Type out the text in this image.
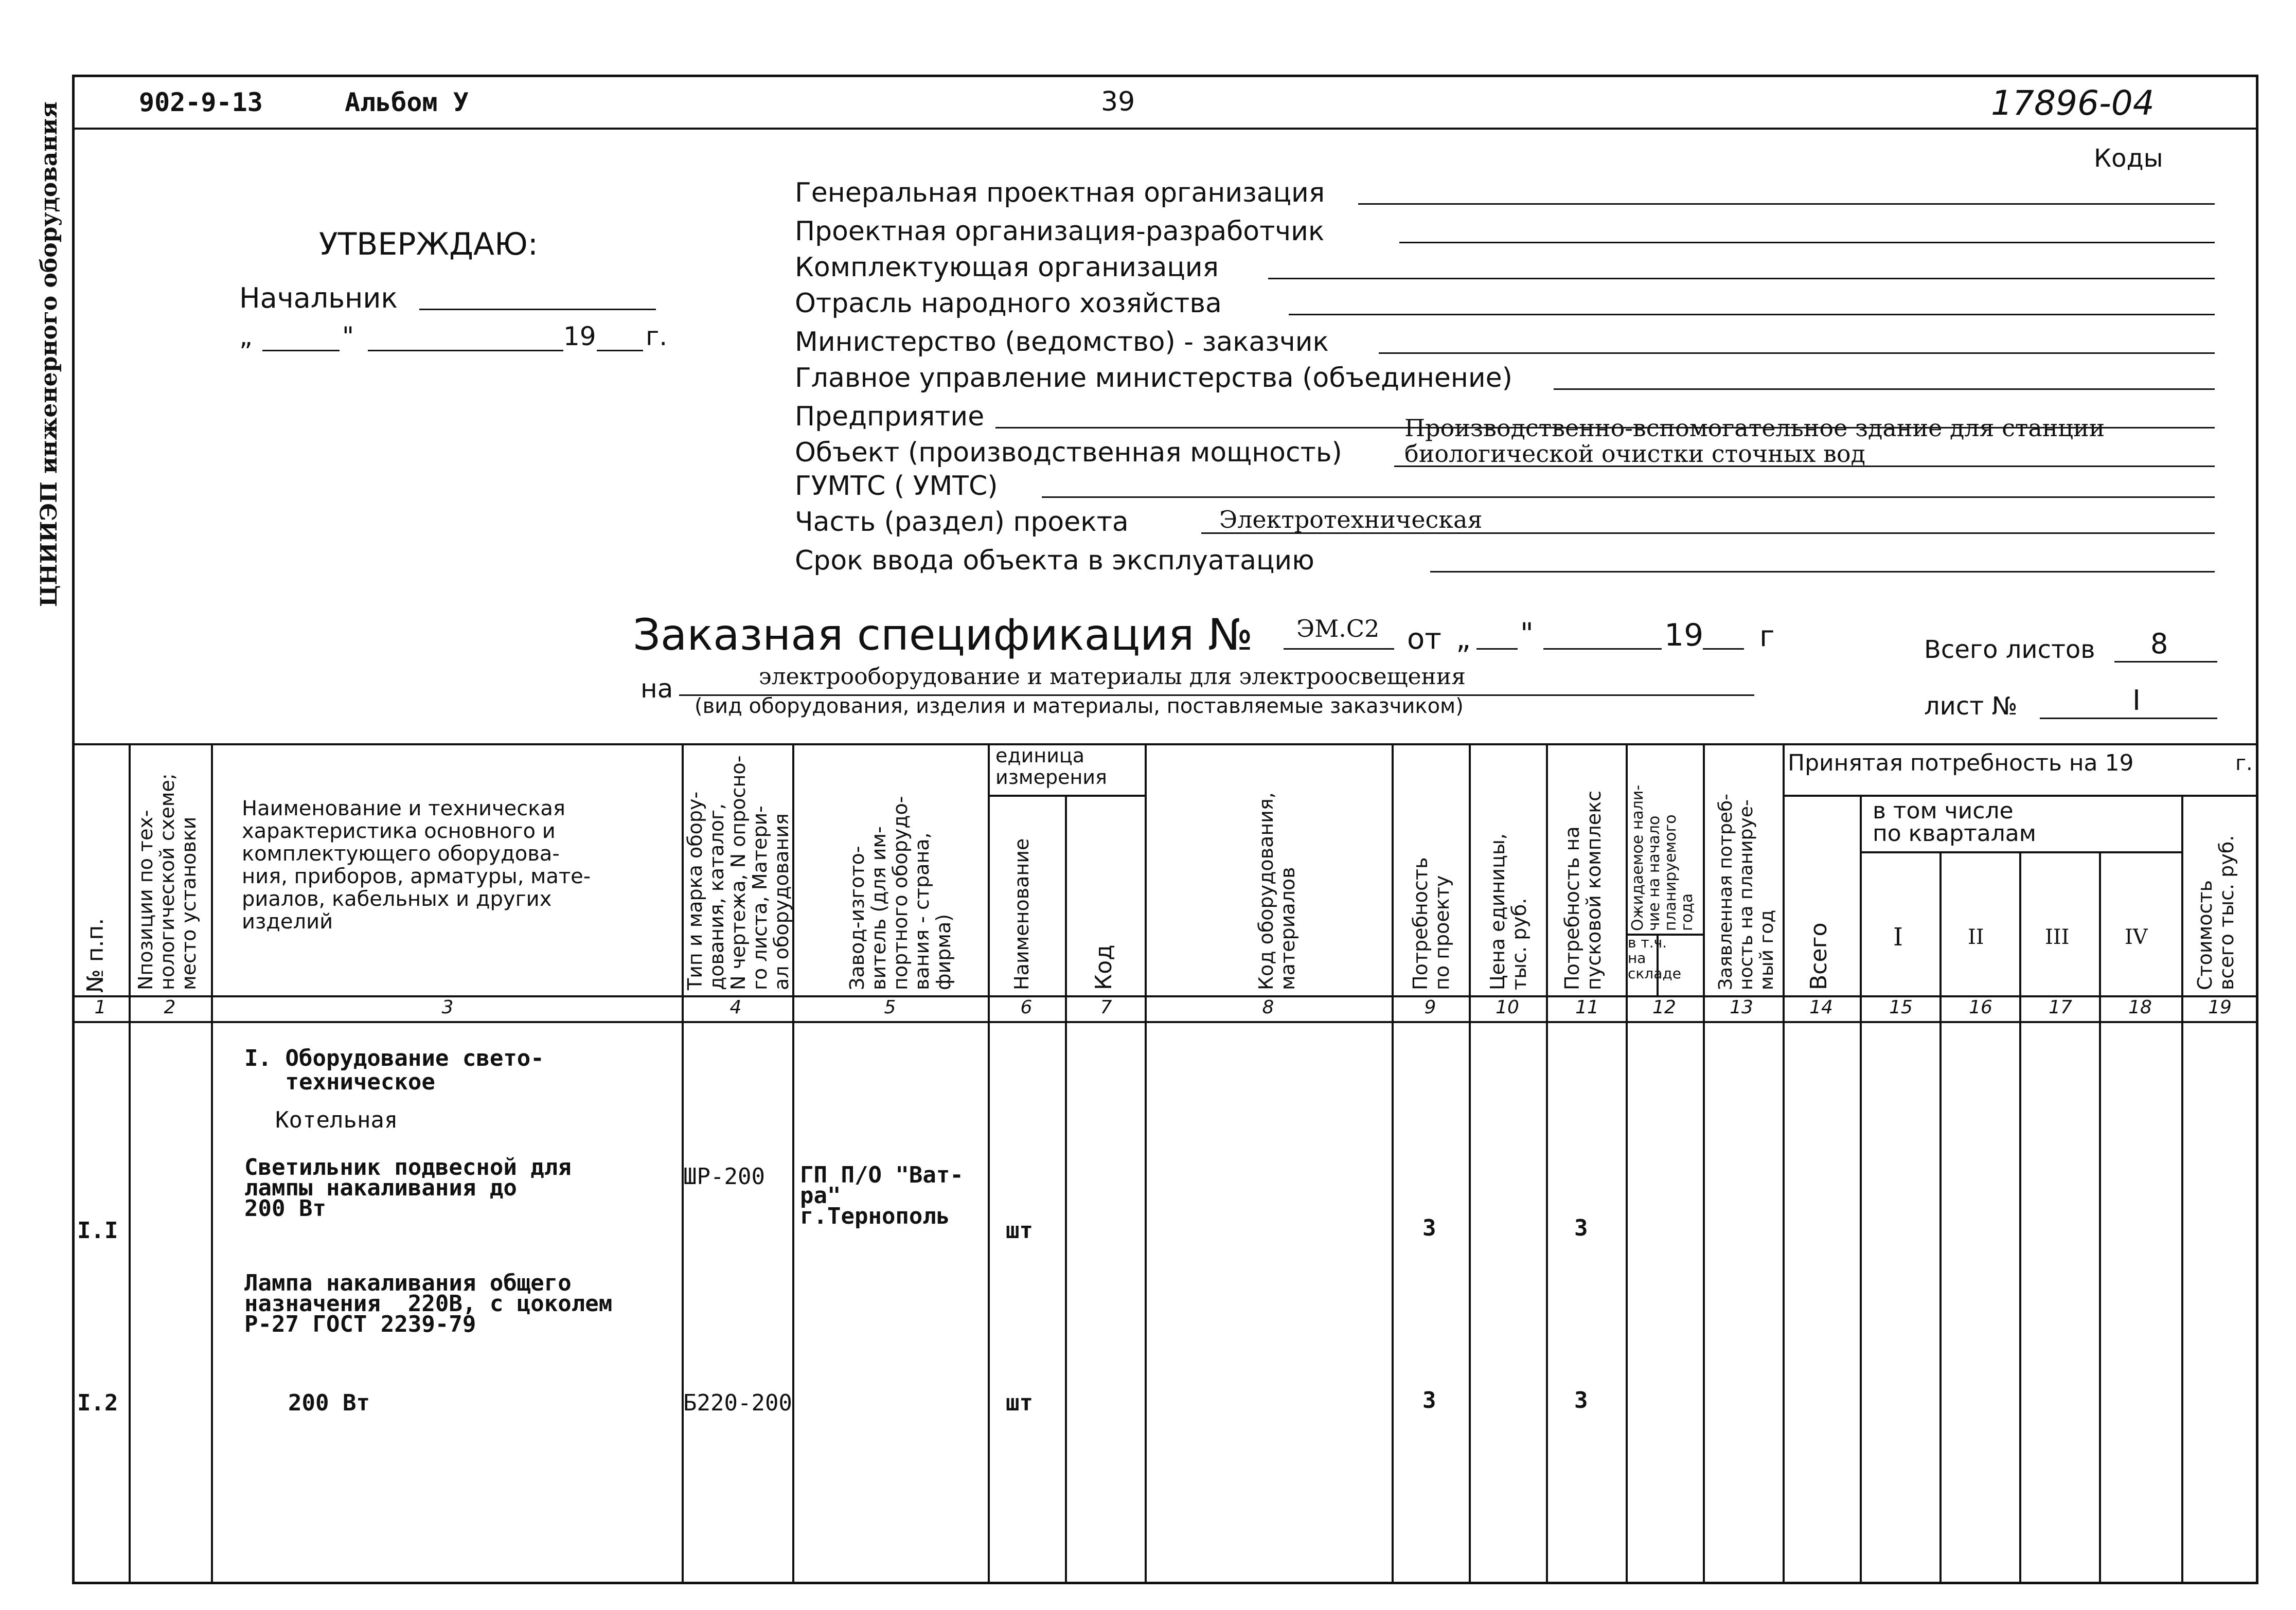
ЦНИИЭП инженерного оборудования	902-9-13	Альбом У	39	17896-04
Коды
УТВЕРЖДАЮ:
Начальник
„	"	19 г.
Генеральная проектная организация
Проектная организация-разработчик
Комплектующая организация
Отрасль народного хозяйства
Министерство (ведомство) - заказчик
Главное управление министерства (объединение)
Предприятие	Производственно-вспомогательное здание для станции
Объект (производственная мощность)	биологической очистки сточных вод
ГУМТС ( УМТС)
Часть (раздел) проекта	Электротехническая
Срок ввода объекта в эксплуатацию
Заказная спецификация № ЭМ.С2 от „ "	19 г	Всего листов 8
на	электрооборудование и материалы для электроосвещения
(вид оборудования, изделия и материалы, поставляемые заказчиком)	лист №	I
№ п.п. Nпозиции по тех-
нологической схеме;
место установки
Наименование и техническая
характеристика основного и
комплектующего оборудова-
ния, приборов, арматуры, мате-
риалов, кабельных и других
изделий
Тип и марка обору-
дования, каталог,
N чертежа, N опросно-
го листа, Матери-
ал оборудования	Завод-изгото-
витель (для им-
портного оборудо-
вания - страна,
фирма)
единица
измерения
Наименование	Код	Код оборудования,
материалов	Потребность
по проекту
Цена единицы,
тыс. руб. Потребность на
пусковой комплекс Ожидаемое нали-
чие на начало
планируемого
года
в т.ч.
на
складе Заявленная потреб-
ность на планируе-
мый год
Принятая потребность на 19	г.
Всего
в том числе
по кварталам
I	II	III	IV Стоимость
всего тыс. руб.
1	2	3	4	5	6	7	8	9	10	11	12	13	14	15	16	17	18	19
I. Оборудование свето-
техническое
Котельная
Светильник подвесной для
лампы накаливания до
200 Вт
I.I
ШР-200 ГП П/О "Ват-
ра"
г.Тернополь
шт	3	3
Лампа накаливания общего
назначения  220В, с цоколем
Р-27 ГОСТ 2239-79
I.2	200 Вт	Б220-200	шт	3	3
